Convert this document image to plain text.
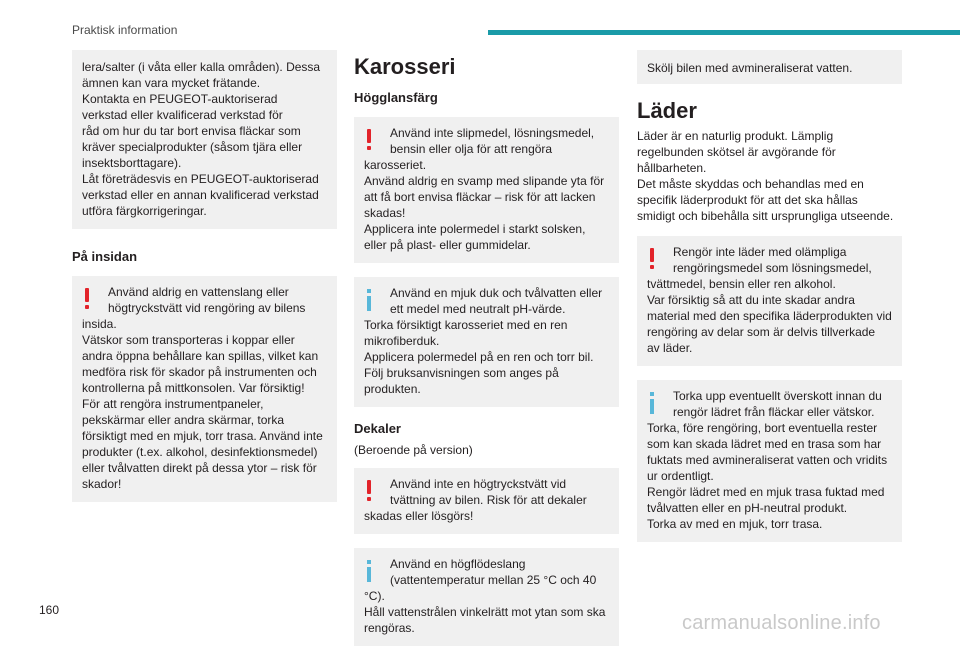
Praktisk information

lera/salter (i våta eller kalla områden). Dessa
ämnen kan vara mycket frätande.
Kontakta en PEUGEOT-auktoriserad
verkstad eller kvalificerad verkstad för
råd om hur du tar bort envisa fläckar som
kräver specialprodukter (såsom tjära eller
insektsborttagare).
Låt företrädesvis en PEUGEOT-auktoriserad
verkstad eller en annan kvalificerad verkstad
utföra färgkorrigeringar.

På insidan

Använd aldrig en vattenslang eller
högtryckstvätt vid rengöring av bilens

insida.
Vätskor som transporteras i koppar eller
andra öppna behållare kan spillas, vilket kan
medföra risk för skador på instrumenten och
kontrollerna på mittkonsolen. Var försiktig!
För att rengöra instrumentpaneler,
pekskärmar eller andra skärmar, torka
försiktigt med en mjuk, torr trasa. Använd inte
produkter (t.ex. alkohol, desinfektionsmedel)
eller tvålvatten direkt på dessa ytor – risk för
skador!

Karosseri
Högglansfärg

Använd inte slipmedel, lösningsmedel,
bensin eller olja för att rengöra

karosseriet.
Använd aldrig en svamp med slipande yta för
att få bort envisa fläckar – risk för att lacken
skadas!
Applicera inte polermedel i starkt solsken,
eller på plast- eller gummidelar.

Använd en mjuk duk och tvålvatten eller
ett medel med neutralt pH-värde.

Torka försiktigt karosseriet med en ren
mikrofiberduk.
Applicera polermedel på en ren och torr bil.
Följ bruksanvisningen som anges på
produkten.

Dekaler

(Beroende på version)

Använd inte en högtryckstvätt vid
tvättning av bilen. Risk för att dekaler

skadas eller lösgörs!

Använd en högflödeslang
(vattentemperatur mellan 25 °C och 40

°C).
Håll vattenstrålen vinkelrätt mot ytan som ska
rengöras.

Skölj bilen med avmineraliserat vatten.

Läder

Läder är en naturlig produkt. Lämplig
regelbunden skötsel är avgörande för
hållbarheten.
Det måste skyddas och behandlas med en
specifik läderprodukt för att det ska hållas
smidigt och bibehålla sitt ursprungliga utseende.

Rengör inte läder med olämpliga
rengöringsmedel som lösningsmedel,

tvättmedel, bensin eller ren alkohol.
Var försiktig så att du inte skadar andra
material med den specifika läderprodukten vid
rengöring av delar som är delvis tillverkade
av läder.

Torka upp eventuellt överskott innan du
rengör lädret från fläckar eller vätskor.

Torka, före rengöring, bort eventuella rester
som kan skada lädret med en trasa som har
fuktats med avmineraliserat vatten och vridits
ur ordentligt.
Rengör lädret med en mjuk trasa fuktad med
tvålvatten eller en pH-neutral produkt.
Torka av med en mjuk, torr trasa.

160
carmanualsonline.info
